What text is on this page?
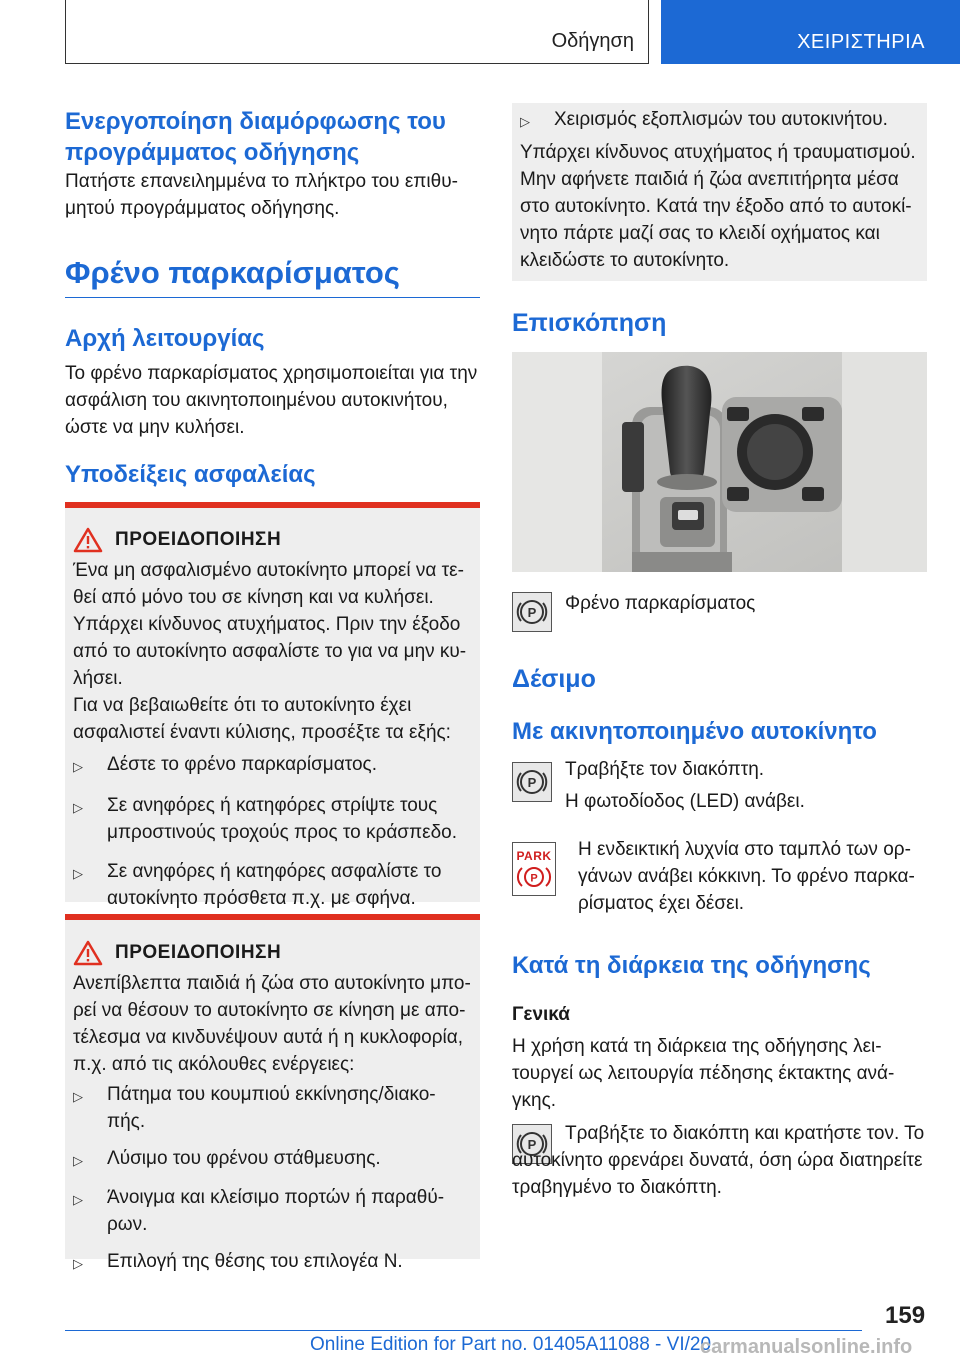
Οδήγηση	ΧΕΙΡΙΣΤΗΡΙΑ
Ενεργοποίηση διαμόρφωσης του προγράμματος οδήγησης
Πατήστε επανειλημμένα το πλήκτρο του επιθυ-μητού προγράμματος οδήγησης.
Φρένο παρκαρίσματος
Αρχή λειτουργίας
Το φρένο παρκαρίσματος χρησιμοποιείται για την ασφάλιση του ακινητοποιημένου αυτοκινήτου, ώστε να μην κυλήσει.
Υποδείξεις ασφαλείας
ΠΡΟΕΙΔΟΠΟΙΗΣΗ
Ένα μη ασφαλισμένο αυτοκίνητο μπορεί να τε-θεί από μόνο του σε κίνηση και να κυλήσει. Υπάρχει κίνδυνος ατυχήματος. Πριν την έξοδο από το αυτοκίνητο ασφαλίστε το για να μην κυ-λήσει.
Για να βεβαιωθείτε ότι το αυτοκίνητο έχει ασφαλιστεί έναντι κύλισης, προσέξτε τα εξής:
▷	Δέστε το φρένο παρκαρίσματος.
▷	Σε ανηφόρες ή κατηφόρες στρίψτε τους μπροστινούς τροχούς προς το κράσπεδο.
▷	Σε ανηφόρες ή κατηφόρες ασφαλίστε το αυτοκίνητο πρόσθετα π.χ. με σφήνα.
ΠΡΟΕΙΔΟΠΟΙΗΣΗ
Ανεπίβλεπτα παιδιά ή ζώα στο αυτοκίνητο μπο-ρεί να θέσουν το αυτοκίνητο σε κίνηση με απο-τέλεσμα να κινδυνέψουν αυτά ή η κυκλοφορία, π.χ. από τις ακόλουθες ενέργειες:
▷	Πάτημα του κουμπιού εκκίνησης/διακο-πής.
▷	Λύσιμο του φρένου στάθμευσης.
▷	Άνοιγμα και κλείσιμο πορτών ή παραθύ-ρων.
▷	Επιλογή της θέσης του επιλογέα N.
▷	Χειρισμός εξοπλισμών του αυτοκινήτου.
Υπάρχει κίνδυνος ατυχήματος ή τραυματισμού. Μην αφήνετε παιδιά ή ζώα ανεπιτήρητα μέσα στο αυτοκίνητο. Κατά την έξοδο από το αυτοκί-νητο πάρτε μαζί σας το κλειδί οχήματος και κλειδώστε το αυτοκίνητο.
Επισκόπηση
P Φρένο παρκαρίσματος
Δέσιμο
Με ακινητοποιημένο αυτοκίνητο
P
Τραβήξτε τον διακόπτη.
Η φωτοδίοδος (LED) ανάβει.
PARK
P
Η ενδεικτική λυχνία στο ταμπλό των ορ-γάνων ανάβει κόκκινη. Το φρένο παρκα-ρίσματος έχει δέσει.
Κατά τη διάρκεια της οδήγησης
Γενικά
Η χρήση κατά τη διάρκεια της οδήγησης λει-τουργεί ως λειτουργία πέδησης έκτακτης ανά-γκης.
P
Τραβήξτε το διακόπτη και κρατήστε τον. Το αυτοκίνητο φρενάρει δυνατά, όση ώρα διατηρείτε τραβηγμένο το διακόπτη.
159
Online Edition for Part no. 01405A11088 - VI/20
carmanualsonline.info
